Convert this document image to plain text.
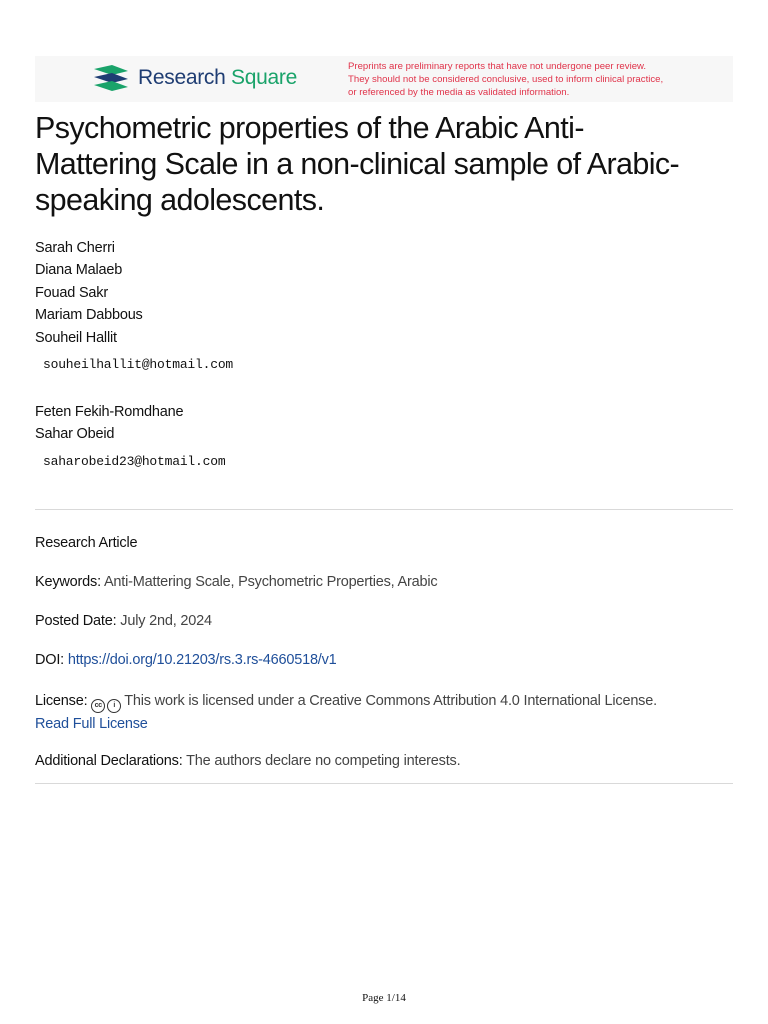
Research Square	Preprints are preliminary reports that have not undergone peer review.
They should not be considered conclusive, used to inform clinical practice,
or referenced by the media as validated information.
Psychometric properties of the Arabic Anti-
Mattering Scale in a non-clinical sample of Arabic-
speaking adolescents.
Sarah Cherri
Diana Malaeb
Fouad Sakr
Mariam Dabbous
Souheil Hallit
souheilhallit@hotmail.com
Feten Fekih-Romdhane
Sahar Obeid
saharobeid23@hotmail.com
Research Article
Keywords: Anti-Mattering Scale, Psychometric Properties, Arabic
Posted Date: July 2nd, 2024
DOI: https://doi.org/10.21203/rs.3.rs-4660518/v1
License:	cc	i This work is licensed under a Creative Commons Attribution 4.0 International License.
Read Full License
Additional Declarations: The authors declare no competing interests.
Page 1/14
